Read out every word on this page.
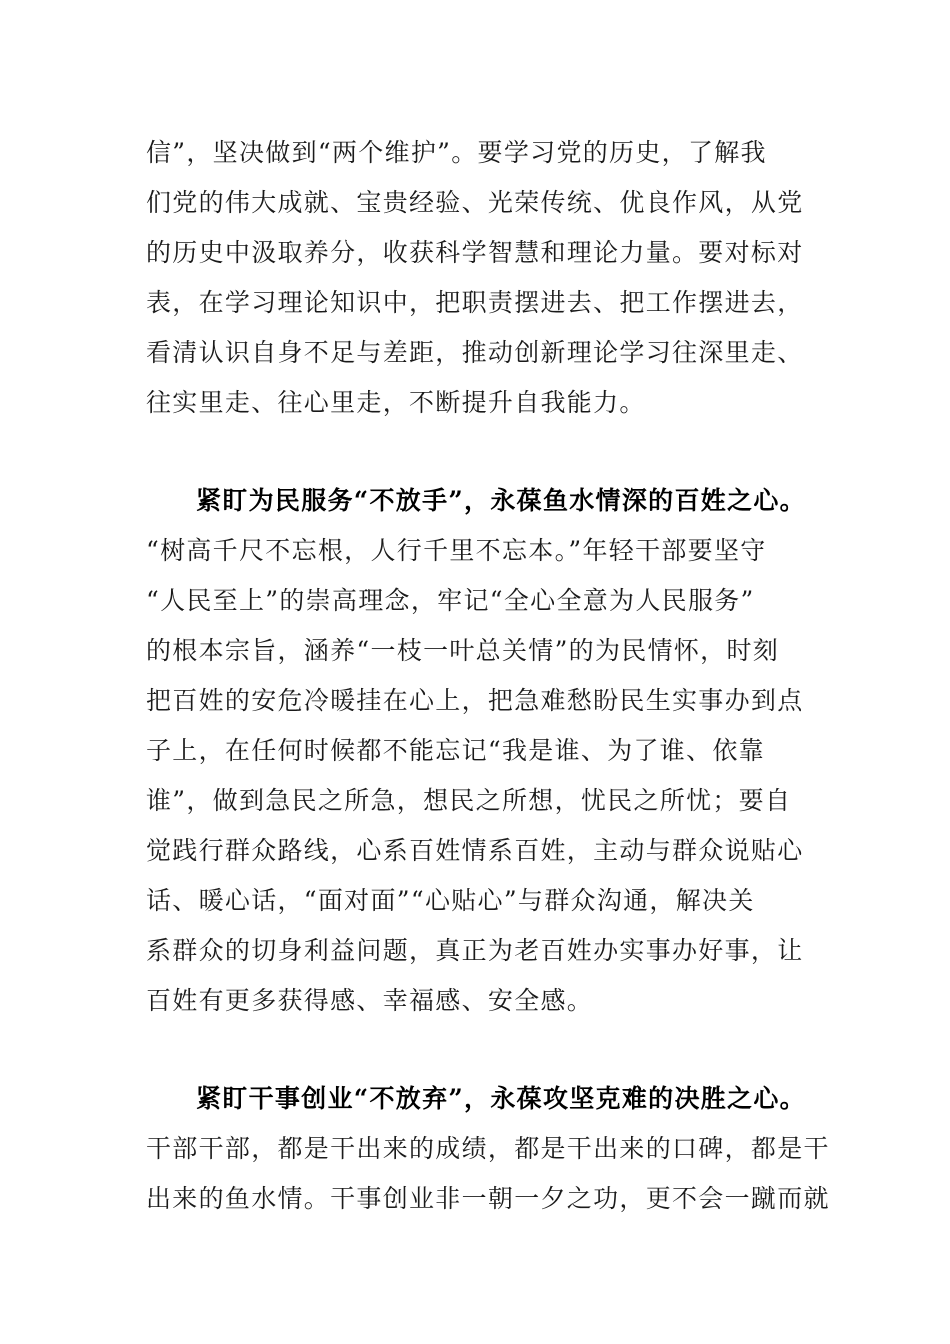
信”，坚决做到“两个维护”。要学习党的历史，了解我
们党的伟大成就、宝贵经验、光荣传统、优良作风，从党
的历史中汲取养分，收获科学智慧和理论力量。要对标对
表，在学习理论知识中，把职责摆进去、把工作摆进去，
看清认识自身不足与差距，推动创新理论学习往深里走、
往实里走、往心里走，不断提升自我能力。
紧盯为民服务“不放手”，永葆鱼水情深的百姓之心。
“树高千尺不忘根，人行千里不忘本。”年轻干部要坚守
“人民至上”的崇高理念，牢记“全心全意为人民服务”
的根本宗旨，涵养“一枝一叶总关情”的为民情怀，时刻
把百姓的安危冷暖挂在心上，把急难愁盼民生实事办到点
子上，在任何时候都不能忘记“我是谁、为了谁、依靠
谁”，做到急民之所急，想民之所想，忧民之所忧；要自
觉践行群众路线，心系百姓情系百姓，主动与群众说贴心
话、暖心话，“面对面”“心贴心”与群众沟通，解决关
系群众的切身利益问题，真正为老百姓办实事办好事，让
百姓有更多获得感、幸福感、安全感。
紧盯干事创业“不放弃”，永葆攻坚克难的决胜之心。
干部干部，都是干出来的成绩，都是干出来的口碑，都是干
出来的鱼水情。干事创业非一朝一夕之功，更不会一蹴而就
